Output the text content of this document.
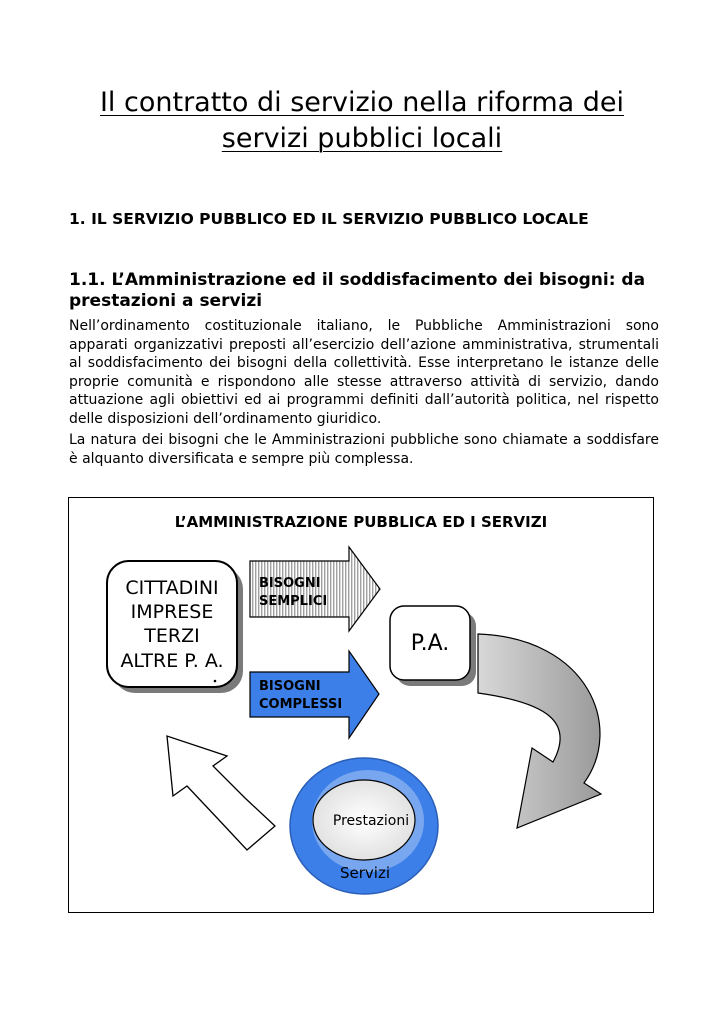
Il contratto di servizio nella riforma dei
servizi pubblici locali
1. IL SERVIZIO PUBBLICO ED IL SERVIZIO PUBBLICO LOCALE
1.1. L’Amministrazione ed il soddisfacimento dei bisogni: da prestazioni a servizi

Nell’ordinamento costituzionale italiano, le Pubbliche Amministrazioni sono apparati organizzativi preposti all’esercizio dell’azione amministrativa, strumentali al soddisfacimento dei bisogni della collettività. Esse interpretano le istanze delle proprie comunità e rispondono alle stesse attraverso attività di servizio, dando attuazione agli obiettivi ed ai programmi definiti dall’autorità politica, nel rispetto delle disposizioni dell’ordinamento giuridico.

La natura dei bisogni che le Amministrazioni pubbliche sono chiamate a soddisfare è alquanto diversificata e sempre più complessa.

L’AMMINISTRAZIONE PUBBLICA ED I SERVIZI
CITTADINI
IMPRESE
TERZI
ALTRE P. A.
BISOGNI
SEMPLICI
BISOGNI
COMPLESSI
P.A.
Prestazioni
Servizi
